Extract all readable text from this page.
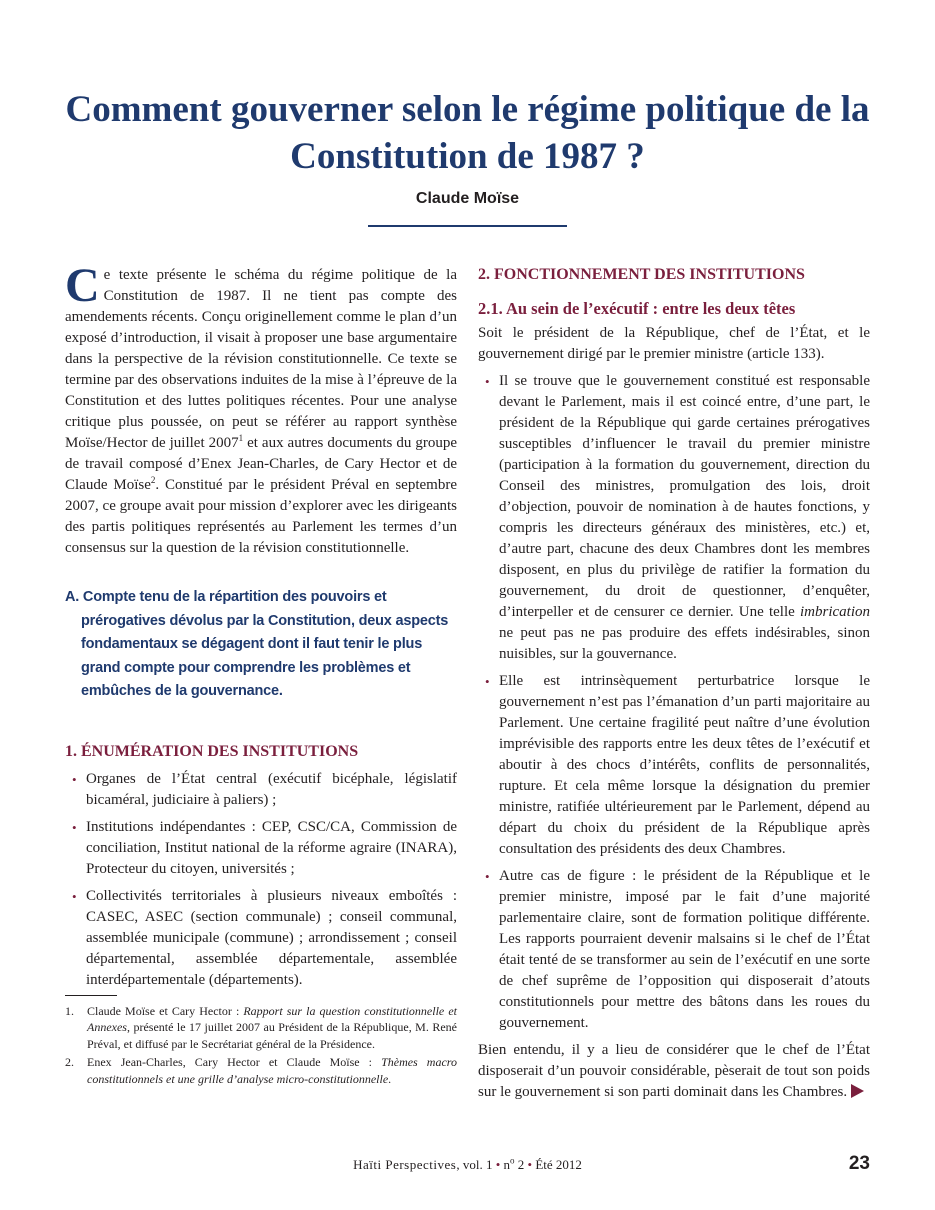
Comment gouverner selon le régime politique de la Constitution de 1987 ?
Claude Moïse

Ce texte présente le schéma du régime politique de la Constitution de 1987. Il ne tient pas compte des amendements récents. Conçu originellement comme le plan d’un exposé d’introduction, il visait à proposer une base argumentaire dans la perspective de la révision constitutionnelle. Ce texte se termine par des observations induites de la mise à l’épreuve de la Constitution et des luttes politiques récentes. Pour une analyse critique plus poussée, on peut se référer au rapport synthèse Moïse/Hector de juillet 2007$^1$ et aux autres documents du groupe de travail composé d’Enex Jean-Charles, de Cary Hector et de Claude Moïse$^2$. Constitué par le président Préval en septembre 2007, ce groupe avait pour mission d’explorer avec les dirigeants des partis politiques représentés au Parlement les termes d’un consensus sur la question de la révision constitutionnelle.

A. Compte tenu de la répartition des pouvoirs et prérogatives dévolus par la Constitution, deux aspects fondamentaux se dégagent dont il faut tenir le plus grand compte pour comprendre les problèmes et embûches de la gouvernance.

1. ÉNUMÉRATION DES INSTITUTIONS

• Organes de l’État central (exécutif bicéphale, législatif bicaméral, judiciaire à paliers) ;
• Institutions indépendantes : CEP, CSC/CA, Commission de conciliation, Institut national de la réforme agraire (INARA), Protecteur du citoyen, universités ;
• Collectivités territoriales à plusieurs niveaux emboîtés : CASEC, ASEC (section communale) ; conseil communal, assemblée municipale (commune) ; arrondissement ; conseil départemental, assemblée départementale, assemblée interdépartementale (départements).

1. Claude Moïse et Cary Hector : Rapport sur la question constitutionnelle et Annexes, présenté le 17 juillet 2007 au Président de la République, M. René Préval, et diffusé par le Secrétariat général de la Présidence.

2. Enex Jean-Charles, Cary Hector et Claude Moïse : Thèmes macro constitutionnels et une grille d’analyse micro-constitutionnelle.

2. FONCTIONNEMENT DES INSTITUTIONS

2.1. Au sein de l’exécutif : entre les deux têtes

Soit le président de la République, chef de l’État, et le gouvernement dirigé par le premier ministre (article 133).

• Il se trouve que le gouvernement constitué est responsable devant le Parlement, mais il est coincé entre, d’une part, le président de la République qui garde certaines prérogatives susceptibles d’influencer le travail du premier ministre (participation à la formation du gouvernement, direction du Conseil des ministres, promulgation des lois, droit d’objection, pouvoir de nomination à de hautes fonctions, y compris les directeurs généraux des ministères, etc.) et, d’autre part, chacune des deux Chambres dont les membres disposent, en plus du privilège de ratifier la formation du gouvernement, du droit de questionner, d’enquêter, d’interpeller et de censurer ce dernier. Une telle imbrication ne peut pas ne pas produire des effets indésirables, sinon nuisibles, sur la gouvernance.
• Elle est intrinsèquement perturbatrice lorsque le gouvernement n’est pas l’émanation d’un parti majoritaire au Parlement. Une certaine fragilité peut naître d’une évolution imprévisible des rapports entre les deux têtes de l’exécutif et aboutir à des chocs d’intérêts, conflits de personnalités, rupture. Et cela même lorsque la désignation du premier ministre, ratifiée ultérieurement par le Parlement, dépend au départ du choix du président de la République après consultation des présidents des deux Chambres.
• Autre cas de figure : le président de la République et le premier ministre, imposé par le fait d’une majorité parlementaire claire, sont de formation politique différente. Les rapports pourraient devenir malsains si le chef de l’État était tenté de se transformer au sein de l’exécutif en une sorte de chef suprême de l’opposition qui disposerait d’atouts constitutionnels pour mettre des bâtons dans les roues du gouvernement.

Bien entendu, il y a lieu de considérer que le chef de l’État disposerait d’un pouvoir considérable, pèserait de tout son poids sur le gouvernement si son parti dominait dans les Chambres.

Haïti Perspectives, vol. 1 • $n^o$ 2 • Été 2012	23
